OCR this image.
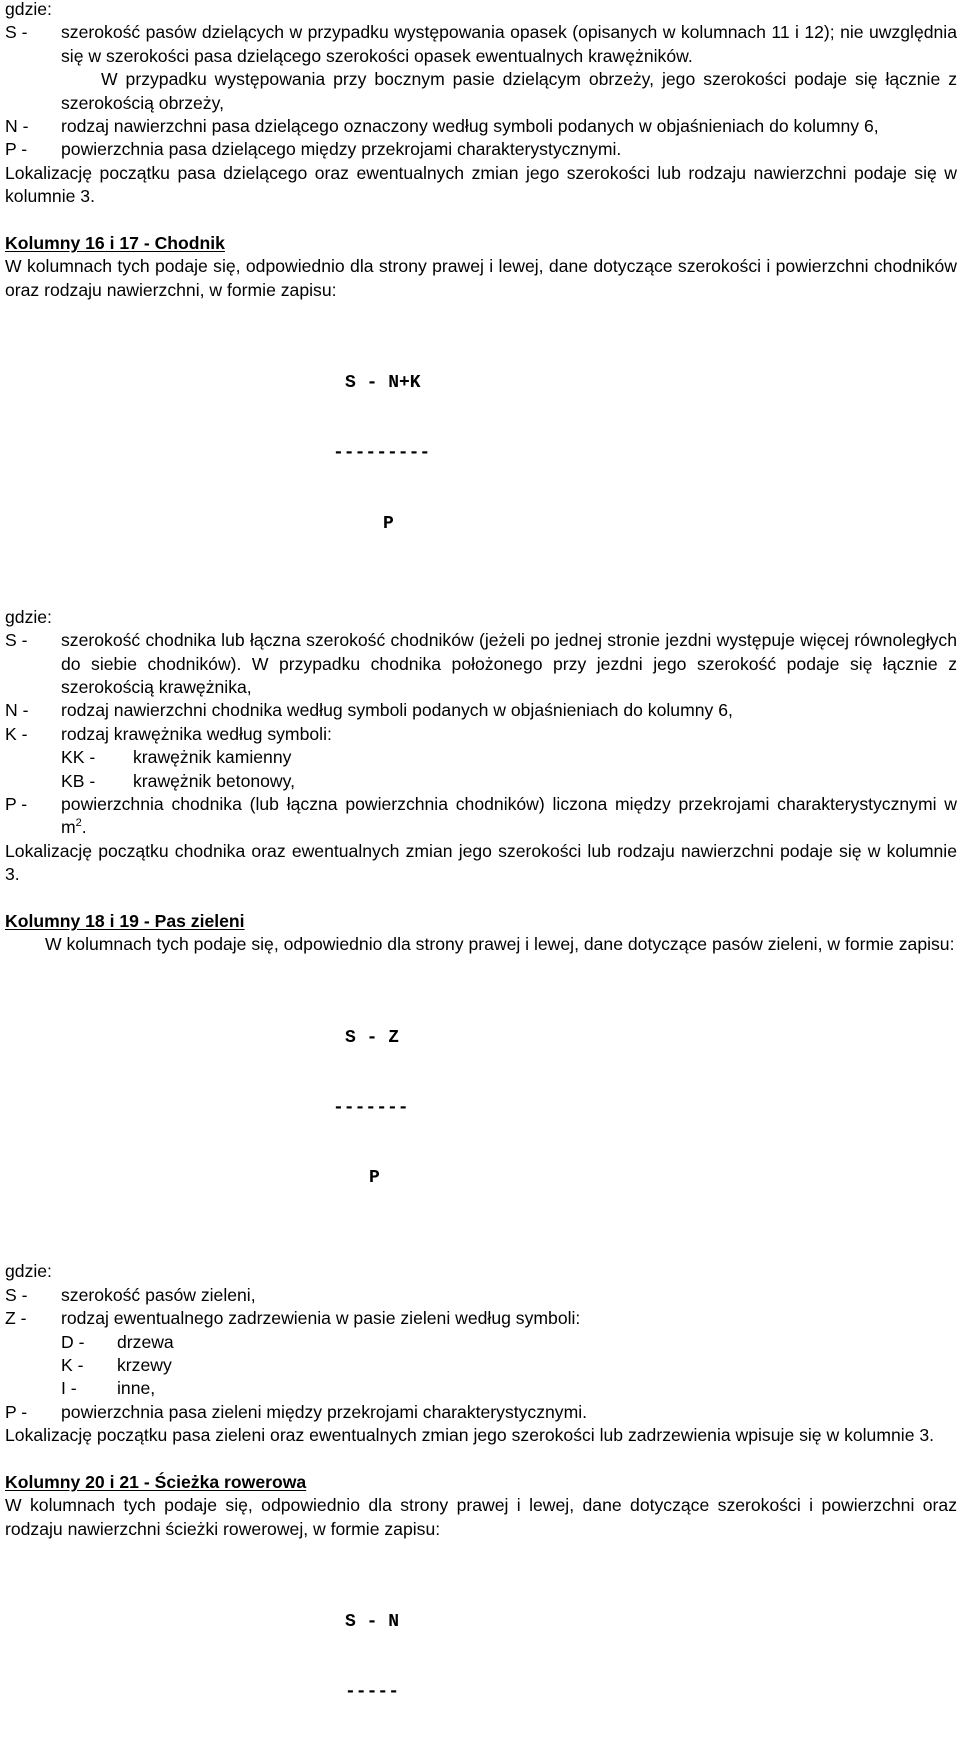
gdzie:

S -	szerokość pasów dzielących w przypadku występowania opasek (opisanych w kolumnach 11 i 12); nie uwzględnia się w szerokości pasa dzielącego szerokości opasek ewentualnych krawężników.

W przypadku występowania przy bocznym pasie dzielącym obrzeży, jego szerokości podaje się łącznie z szerokością obrzeży,

N -	rodzaj nawierzchni pasa dzielącego oznaczony według symboli podanych w objaśnieniach do kolumny 6,

P -	powierzchnia pasa dzielącego między przekrojami charakterystycznymi.

Lokalizację początku pasa dzielącego oraz ewentualnych zmian jego szerokości lub rodzaju nawierzchni podaje się w kolumnie 3.

Kolumny 16 i 17 - Chodnik

W kolumnach tych podaje się, odpowiednio dla strony prawej i lewej, dane dotyczące szerokości i powierzchni chodników oraz rodzaju nawierzchni, w formie zapisu:

S - N+K

---------

P

gdzie:

S -	szerokość chodnika lub łączna szerokość chodników (jeżeli po jednej stronie jezdni występuje więcej równoległych do siebie chodników). W przypadku chodnika położonego przy jezdni jego szerokość podaje się łącznie z szerokością krawężnika,

N -	rodzaj nawierzchni chodnika według symboli podanych w objaśnieniach do kolumny 6,

K -	rodzaj krawężnika według symboli:

KK -	krawężnik kamienny
KB -	krawężnik betonowy,
P -	powierzchnia chodnika (lub łączna powierzchnia chodników) liczona między przekrojami charakterystycznymi w $m^2$.

Lokalizację początku chodnika oraz ewentualnych zmian jego szerokości lub rodzaju nawierzchni podaje się w kolumnie 3.

Kolumny 18 i 19 - Pas zieleni

W kolumnach tych podaje się, odpowiednio dla strony prawej i lewej, dane dotyczące pasów zieleni, w formie zapisu:

S - Z

-------

P

gdzie:

S -	szerokość pasów zieleni,

Z -	rodzaj ewentualnego zadrzewienia w pasie zieleni według symboli:

D -	drzewa
K -	krzewy
I -	inne,
P -	powierzchnia pasa zieleni między przekrojami charakterystycznymi.

Lokalizację początku pasa zieleni oraz ewentualnych zmian jego szerokości lub zadrzewienia wpisuje się w kolumnie 3.

Kolumny 20 i 21 - Ścieżka rowerowa

W kolumnach tych podaje się, odpowiednio dla strony prawej i lewej, dane dotyczące szerokości i powierzchni oraz rodzaju nawierzchni ścieżki rowerowej, w formie zapisu:

S - N

-----
